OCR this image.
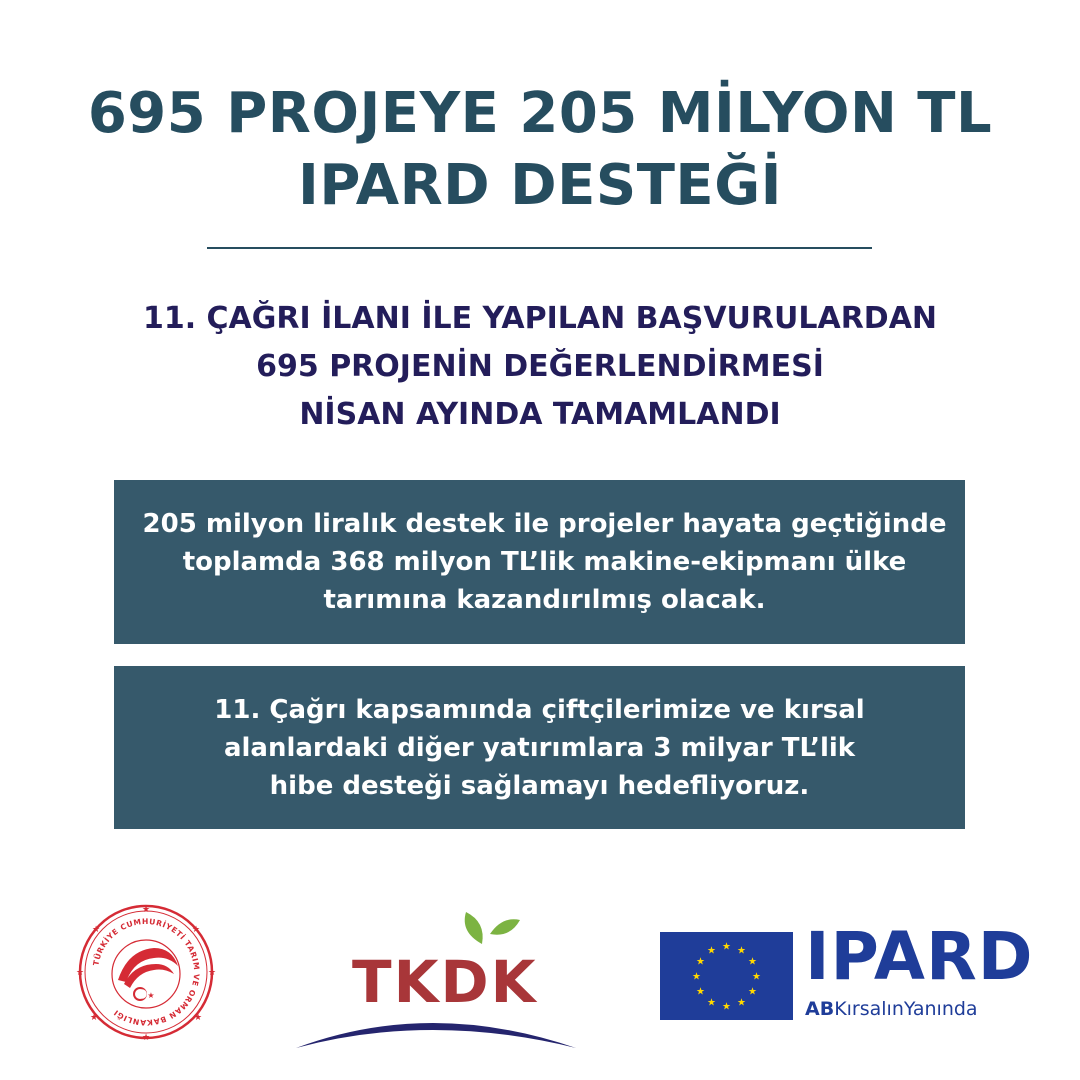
695 PROJEYE 205 MİLYON TL
IPARD DESTEĞİ
11. ÇAĞRI İLANI İLE YAPILAN BAŞVURULARDAN
695 PROJENİN DEĞERLENDİRMESİ
NİSAN AYINDA TAMAMLANDI
205 milyon liralık destek ile projeler hayata geçtiğinde
toplamda 368 milyon TL’lik makine-ekipmanı ülke
tarımına kazandırılmış olacak.
11. Çağrı kapsamında çiftçilerimize ve kırsal
alanlardaki diğer yatırımlara 3 milyar TL’lik
hibe desteği sağlamayı hedefliyoruz.
★
★
★
★
★
★
★
★
TÜRKİYE CUMHURİYETİ TARIM VE ORMAN BAKANLIĞI
★	TKDK
★ ★
★
★
★
★
★
★
★
★
★
★ IPARD
ABKırsalınYanında
